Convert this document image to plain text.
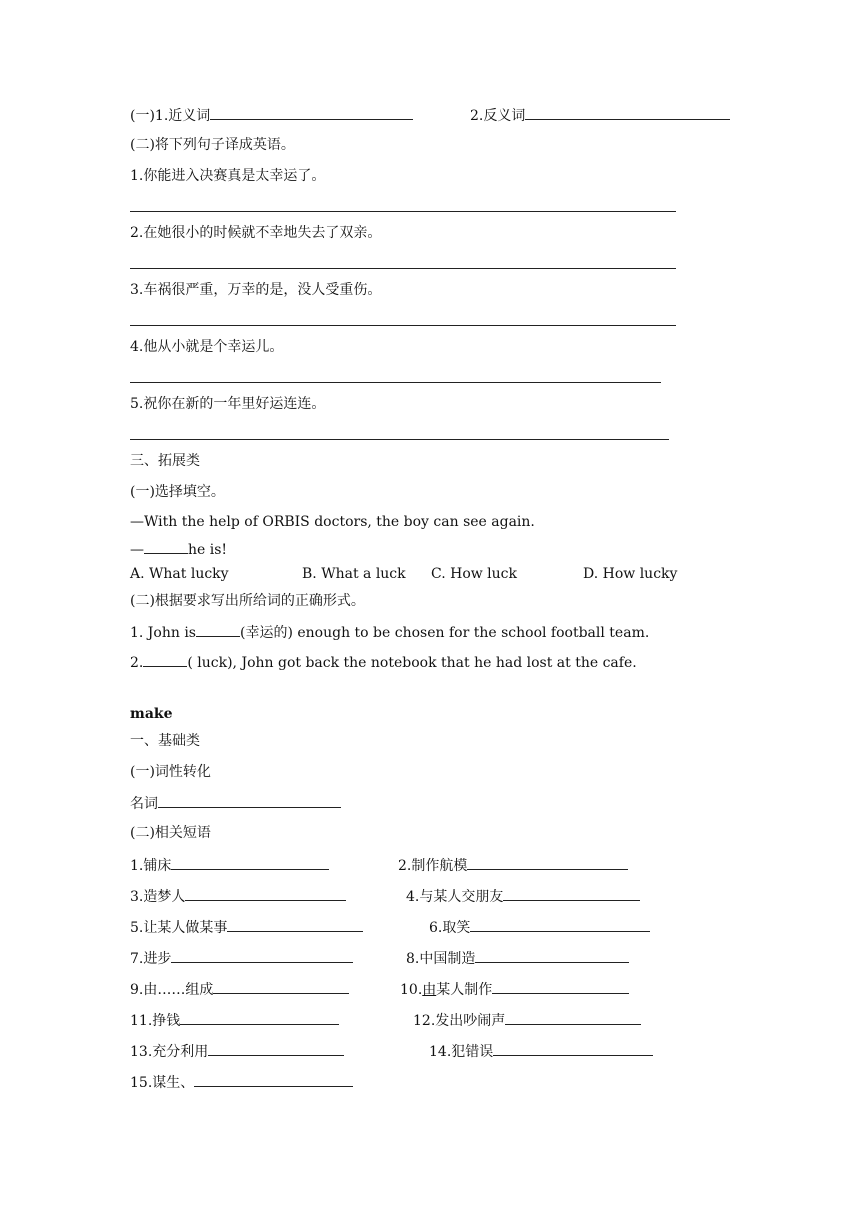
(一)1.近义词	2.反义词
(二)将下列句子译成英语。
1.你能进入决赛真是太幸运了。
2.在她很小的时候就不幸地失去了双亲。
3.车祸很严重，万幸的是，没人受重伤。
4.他从小就是个幸运儿。
5.祝你在新的一年里好运连连。
三、拓展类
(一)选择填空。
—With the help of ORBIS doctors, the boy can see again.
—	he is!
A. What lucky	B. What a luck C. How luck	D. How lucky
(二)根据要求写出所给词的正确形式。
1. John is	(幸运的) enough to be chosen for the school football team.
2.	( luck), John got back the notebook that he had lost at the cafe.
make
一、基础类
(一)词性转化
名词
(二)相关短语
1.铺床	2.制作航模
3.造梦人	4.与某人交朋友
5.让某人做某事	6.取笑
7.进步	8.中国制造
9.由……组成	10.由某人制作
11.挣钱	12.发出吵闹声
13.充分利用	14.犯错误
15.谋生、
